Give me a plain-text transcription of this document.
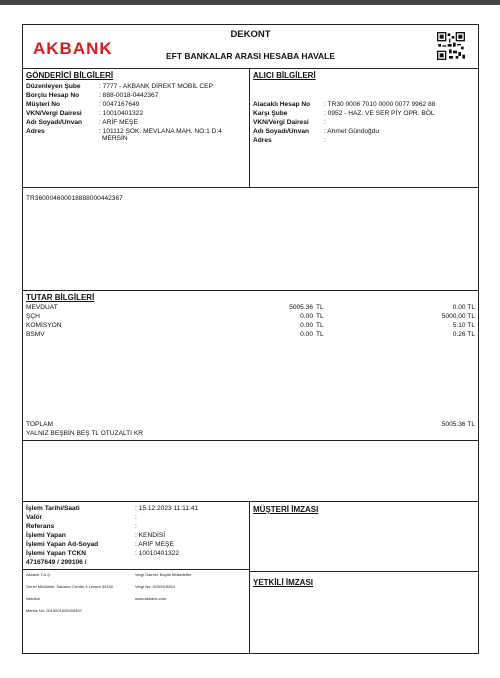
AKBANK
DEKONT
EFT BANKALAR ARASI HESABA HAVALE
GÖNDERİCİ BİLGİLERİ
Düzenleyen Şube	: 7777 - AKBANK DİREKT MOBİL CEP
Borçlu Hesap No	: 888-0018-0442367
Müşteri No	: 0047167649
VKN/Vergi Dairesi	: 10010401322
Adı Soyadı/Unvan	: ARİF MEŞE
Adres	: 101112 SOK. MEVLANA MAH. NO:1 D:4
MERSİN
ALICI BİLGİLERİ
Alacaklı Hesap No : TR30 0006 7010 0000 0077 9962 88
Karşı Şube	: 0952 - HAZ. VE SER PİY OPR. BÖL
VKN/Vergi Dairesi :
Adı Soyadı/Unvan : Ahmet Gündoğdu
Adres	:
TR360004600018888000442367
TUTAR BİLGİLERİ
MEVDUAT	5005.36 TL	0.00 TL
ŞÇH	0.00 TL	5000.00 TL
KOMİSYON	0.00 TL	5.10 TL
BSMV	0.00 TL	0.26 TL
TOPLAM	5005.36 TL
YALNIZ BEŞBİN BEŞ TL OTUZALTI KR
İşlem Tarihi/Saati	: 15.12.2023 11:11:41
Valör	:
Referans	:
İşlemi Yapan	: KENDİSİ
İşlemi Yapan Ad-Soyad	: ARİF MEŞE
İşlemi Yapan TCKN	: 10010401322
47167649 / 299106 /
Akbank T.A.Ş.
Genel Müdürlük: Sabancı Center 4.Levent 34330
İstanbul
Mersis No: 0015001526400497
Vergi Dairesi: Büyük Mükellefler
Vergi No: 0150015264
www.akbank.com
MÜŞTERİ İMZASI
YETKİLİ İMZASI
